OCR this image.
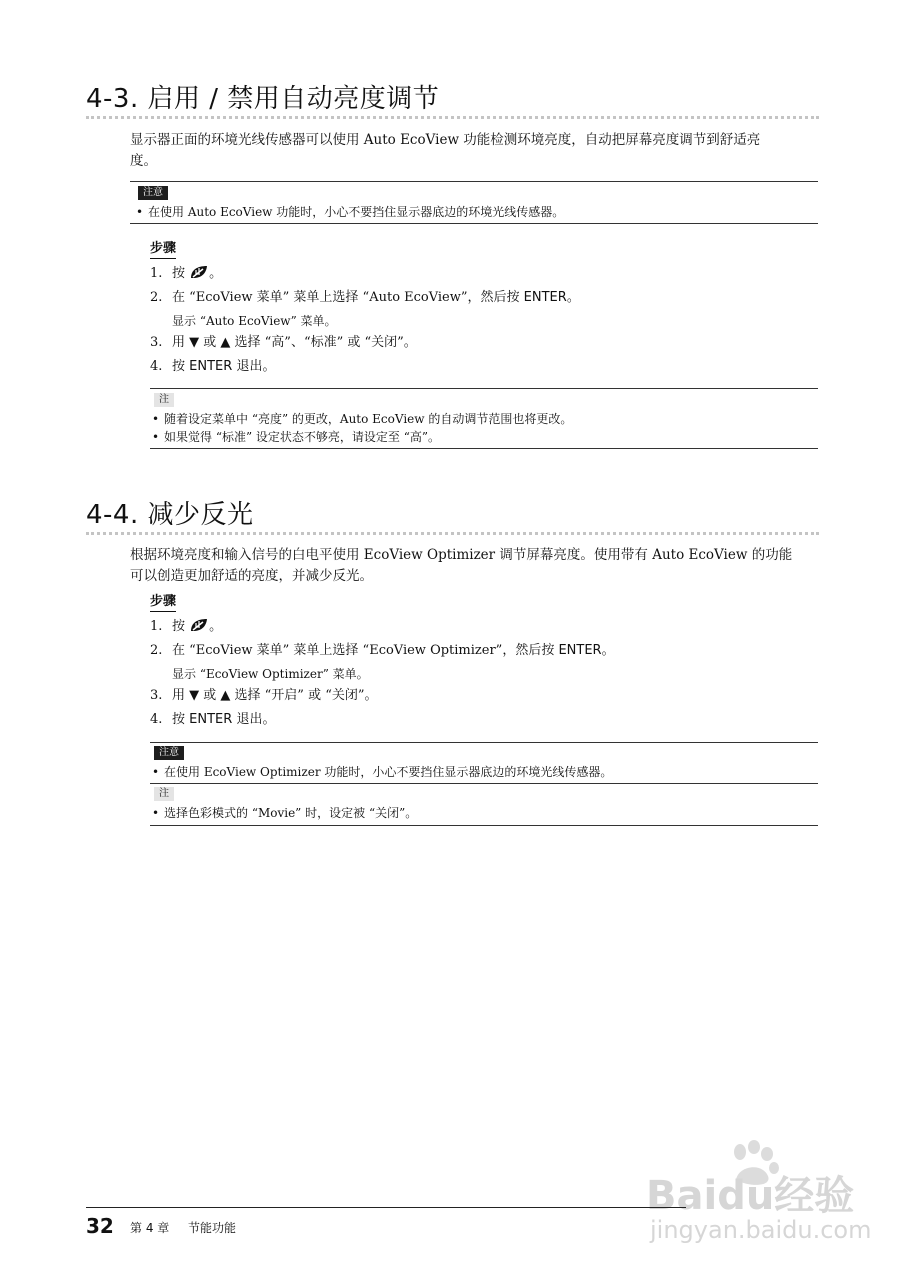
4-3. 启用 / 禁用自动亮度调节
显示器正面的环境光线传感器可以使用 Auto EcoView 功能检测环境亮度，自动把屏幕亮度调节到舒适亮
度。
注意
• 在使用 Auto EcoView 功能时，小心不要挡住显示器底边的环境光线传感器。
步骤
1. 按 。
2. 在 “EcoView 菜单” 菜单上选择 “Auto EcoView”，然后按 ENTER。
显示 “Auto EcoView” 菜单。
3. 用 ▼ 或 ▲ 选择 “高”、“标准” 或 “关闭”。
4. 按 ENTER 退出。
注
• 随着设定菜单中 “亮度” 的更改，Auto EcoView 的自动调节范围也将更改。
• 如果觉得 “标准” 设定状态不够亮，请设定至 “高”。
4-4. 减少反光
根据环境亮度和输入信号的白电平使用 EcoView Optimizer 调节屏幕亮度。使用带有 Auto EcoView 的功能
可以创造更加舒适的亮度，并减少反光。
步骤
1. 按 。
2. 在 “EcoView 菜单” 菜单上选择 “EcoView Optimizer”，然后按 ENTER。
显示 “EcoView Optimizer” 菜单。
3. 用 ▼ 或 ▲ 选择 “开启” 或 “关闭”。
4. 按 ENTER 退出。
注意
• 在使用 EcoView Optimizer 功能时，小心不要挡住显示器底边的环境光线传感器。
注
• 选择色彩模式的 “Movie” 时，设定被 “关闭”。
Baidu经验
jingyan.baidu.com
32 第 4 章 节能功能
